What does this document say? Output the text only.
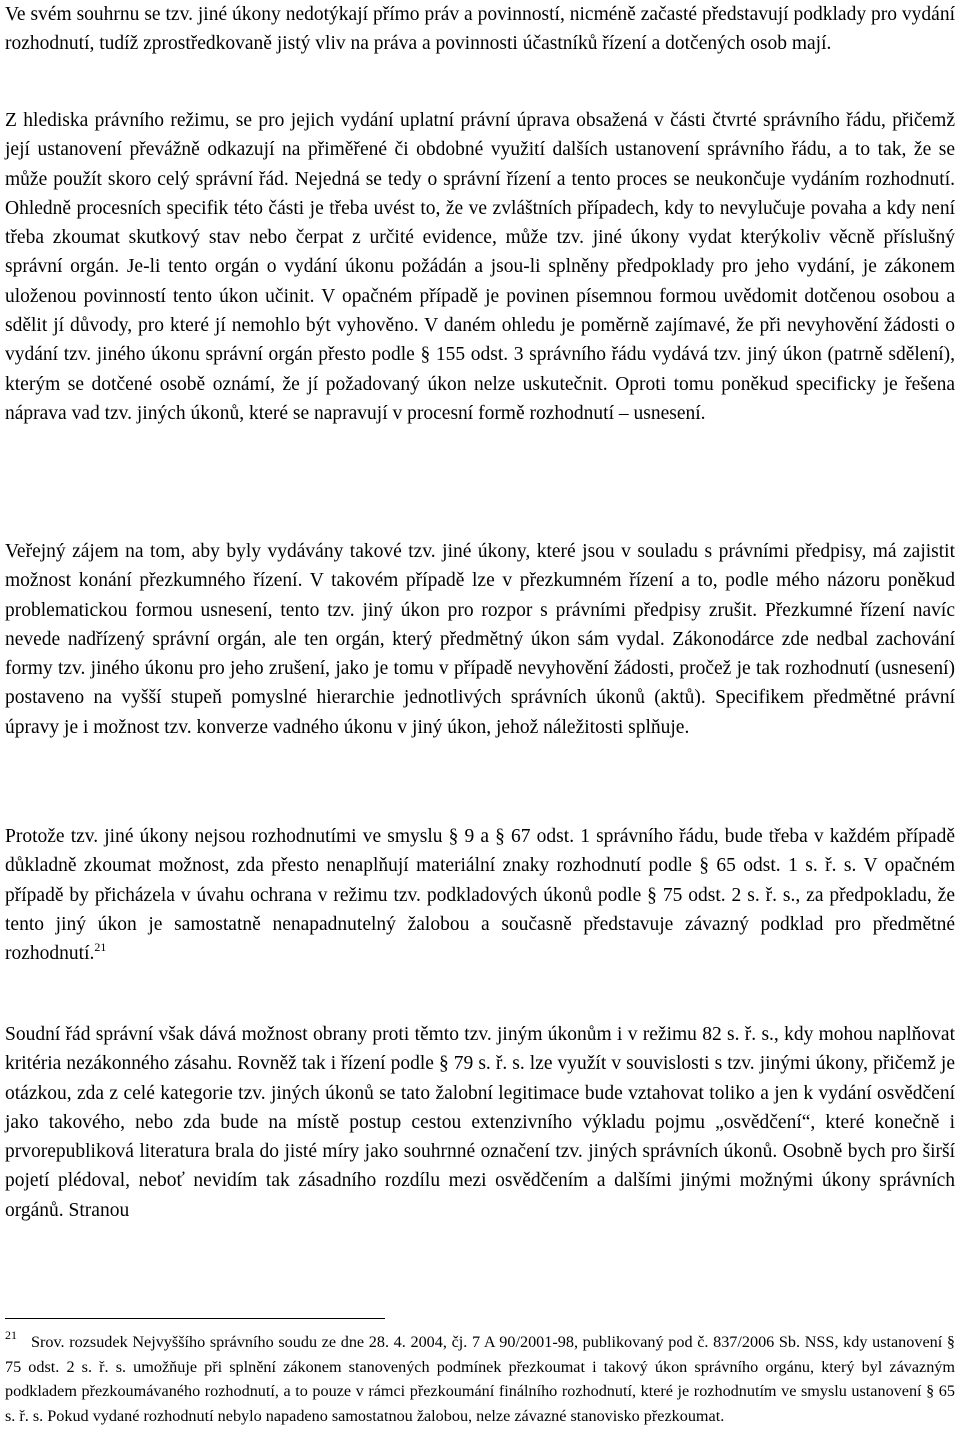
Ve svém souhrnu se tzv. jiné úkony nedotýkají přímo práv a povinností, nicméně začasté představují podklady pro vydání rozhodnutí, tudíž zprostředkovaně jistý vliv na práva a povinnosti účastníků řízení a dotčených osob mají.

Z hlediska právního režimu, se pro jejich vydání uplatní právní úprava obsažená v části čtvrté správního řádu, přičemž její ustanovení převážně odkazují na přiměřené či obdobné využití dalších ustanovení správního řádu, a to tak, že se může použít skoro celý správní řád. Nejedná se tedy o správní řízení a tento proces se neukončuje vydáním rozhodnutí. Ohledně procesních specifik této části je třeba uvést to, že ve zvláštních případech, kdy to nevylučuje povaha a kdy není třeba zkoumat skutkový stav nebo čerpat z určité evidence, může tzv. jiné úkony vydat kterýkoliv věcně příslušný správní orgán. Je-li tento orgán o vydání úkonu požádán a jsou-li splněny předpoklady pro jeho vydání, je zákonem uloženou povinností tento úkon učinit. V opačném případě je povinen písemnou formou uvědomit dotčenou osobou a sdělit jí důvody, pro které jí nemohlo být vyhověno. V daném ohledu je poměrně zajímavé, že při nevyhovění žádosti o vydání tzv. jiného úkonu správní orgán přesto podle § 155 odst. 3 správního řádu vydává tzv. jiný úkon (patrně sdělení), kterým se dotčené osobě oznámí, že jí požadovaný úkon nelze uskutečnit. Oproti tomu poněkud specificky je řešena náprava vad tzv. jiných úkonů, které se napravují v procesní formě rozhodnutí – usnesení.

Veřejný zájem na tom, aby byly vydávány takové tzv. jiné úkony, které jsou v souladu s právními předpisy, má zajistit možnost konání přezkumného řízení. V takovém případě lze v přezkumném řízení a to, podle mého názoru poněkud problematickou formou usnesení, tento tzv. jiný úkon pro rozpor s právními předpisy zrušit. Přezkumné řízení navíc nevede nadřízený správní orgán, ale ten orgán, který předmětný úkon sám vydal. Zákonodárce zde nedbal zachování formy tzv. jiného úkonu pro jeho zrušení, jako je tomu v případě nevyhovění žádosti, pročež je tak rozhodnutí (usnesení) postaveno na vyšší stupeň pomyslné hierarchie jednotlivých správních úkonů (aktů). Specifikem předmětné právní úpravy je i možnost tzv. konverze vadného úkonu v jiný úkon, jehož náležitosti splňuje.

Protože tzv. jiné úkony nejsou rozhodnutími ve smyslu § 9 a § 67 odst. 1 správního řádu, bude třeba v každém případě důkladně zkoumat možnost, zda přesto nenaplňují materiální znaky rozhodnutí podle § 65 odst. 1 s. ř. s. V opačném případě by přicházela v úvahu ochrana v režimu tzv. podkladových úkonů podle § 75 odst. 2 s. ř. s., za předpokladu, že tento jiný úkon je samostatně nenapadnutelný žalobou a současně představuje závazný podklad pro předmětné rozhodnutí.$^{21}$

Soudní řád správní však dává možnost obrany proti těmto tzv. jiným úkonům i v režimu 82 s. ř. s., kdy mohou naplňovat kritéria nezákonného zásahu. Rovněž tak i řízení podle § 79 s. ř. s. lze využít v souvislosti s tzv. jinými úkony, přičemž je otázkou, zda z celé kategorie tzv. jiných úkonů se tato žalobní legitimace bude vztahovat toliko a jen k vydání osvědčení jako takového, nebo zda bude na místě postup cestou extenzivního výkladu pojmu „osvědčení“, které konečně i prvorepubliková literatura brala do jisté míry jako souhrnné označení tzv. jiných správních úkonů. Osobně bych pro širší pojetí plédoval, neboť nevidím tak zásadního rozdílu mezi osvědčením a dalšími jinými možnými úkony správních orgánů. Stranou

$^{21}$ Srov. rozsudek Nejvyššího správního soudu ze dne 28. 4. 2004, čj. 7 A 90/2001-98, publikovaný pod č. 837/2006 Sb. NSS, kdy ustanovení § 75 odst. 2 s. ř. s. umožňuje při splnění zákonem stanovených podmínek přezkoumat i takový úkon správního orgánu, který byl závazným podkladem přezkoumávaného rozhodnutí, a to pouze v rámci přezkoumání finálního rozhodnutí, které je rozhodnutím ve smyslu ustanovení § 65 s. ř. s. Pokud vydané rozhodnutí nebylo napadeno samostatnou žalobou, nelze závazné stanovisko přezkoumat.
